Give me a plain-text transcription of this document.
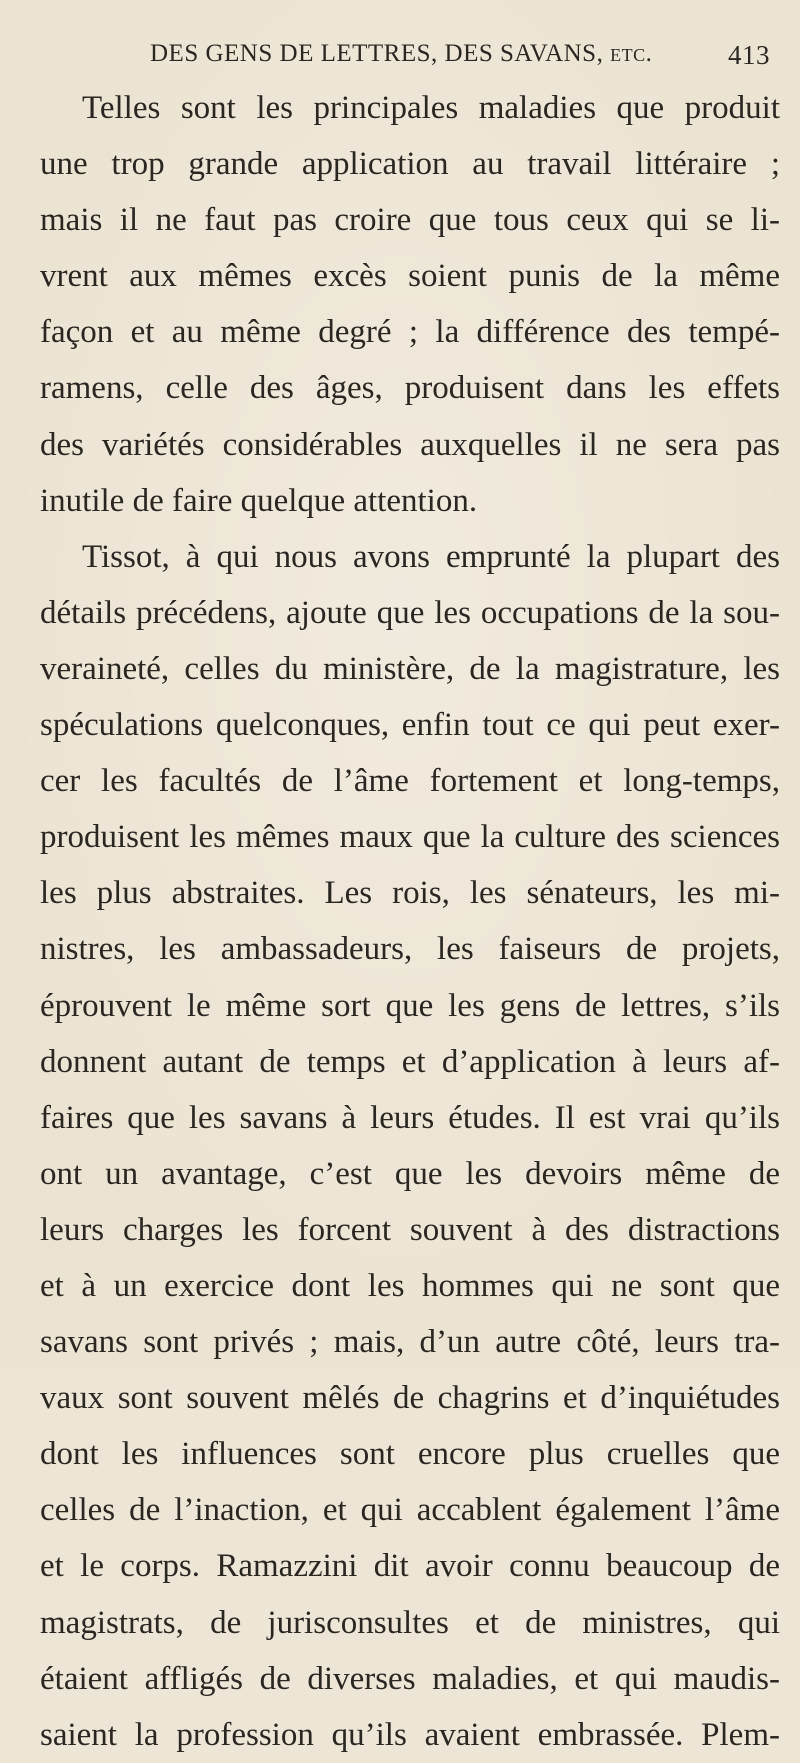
DES GENS DE LETTRES, DES SAVANS, etc.	413
Telles sont les principales maladies que produit
une trop grande application au travail littéraire ;
mais il ne faut pas croire que tous ceux qui se li-
vrent aux mêmes excès soient punis de la même
façon et au même degré ; la différence des tempé-
ramens, celle des âges, produisent dans les effets
des variétés considérables auxquelles il ne sera pas
inutile de faire quelque attention.
Tissot, à qui nous avons emprunté la plupart des
détails précédens, ajoute que les occupations de la sou-
veraineté, celles du ministère, de la magistrature, les
spéculations quelconques, enfin tout ce qui peut exer-
cer les facultés de l’âme fortement et long-temps,
produisent les mêmes maux que la culture des sciences
les plus abstraites. Les rois, les sénateurs, les mi-
nistres, les ambassadeurs, les faiseurs de projets,
éprouvent le même sort que les gens de lettres, s’ils
donnent autant de temps et d’application à leurs af-
faires que les savans à leurs études. Il est vrai qu’ils
ont un avantage, c’est que les devoirs même de
leurs charges les forcent souvent à des distractions
et à un exercice dont les hommes qui ne sont que
savans sont privés ; mais, d’un autre côté, leurs tra-
vaux sont souvent mêlés de chagrins et d’inquiétudes
dont les influences sont encore plus cruelles que
celles de l’inaction, et qui accablent également l’âme
et le corps. Ramazzini dit avoir connu beaucoup de
magistrats, de jurisconsultes et de ministres, qui
étaient affligés de diverses maladies, et qui maudis-
saient la profession qu’ils avaient embrassée. Plem-
